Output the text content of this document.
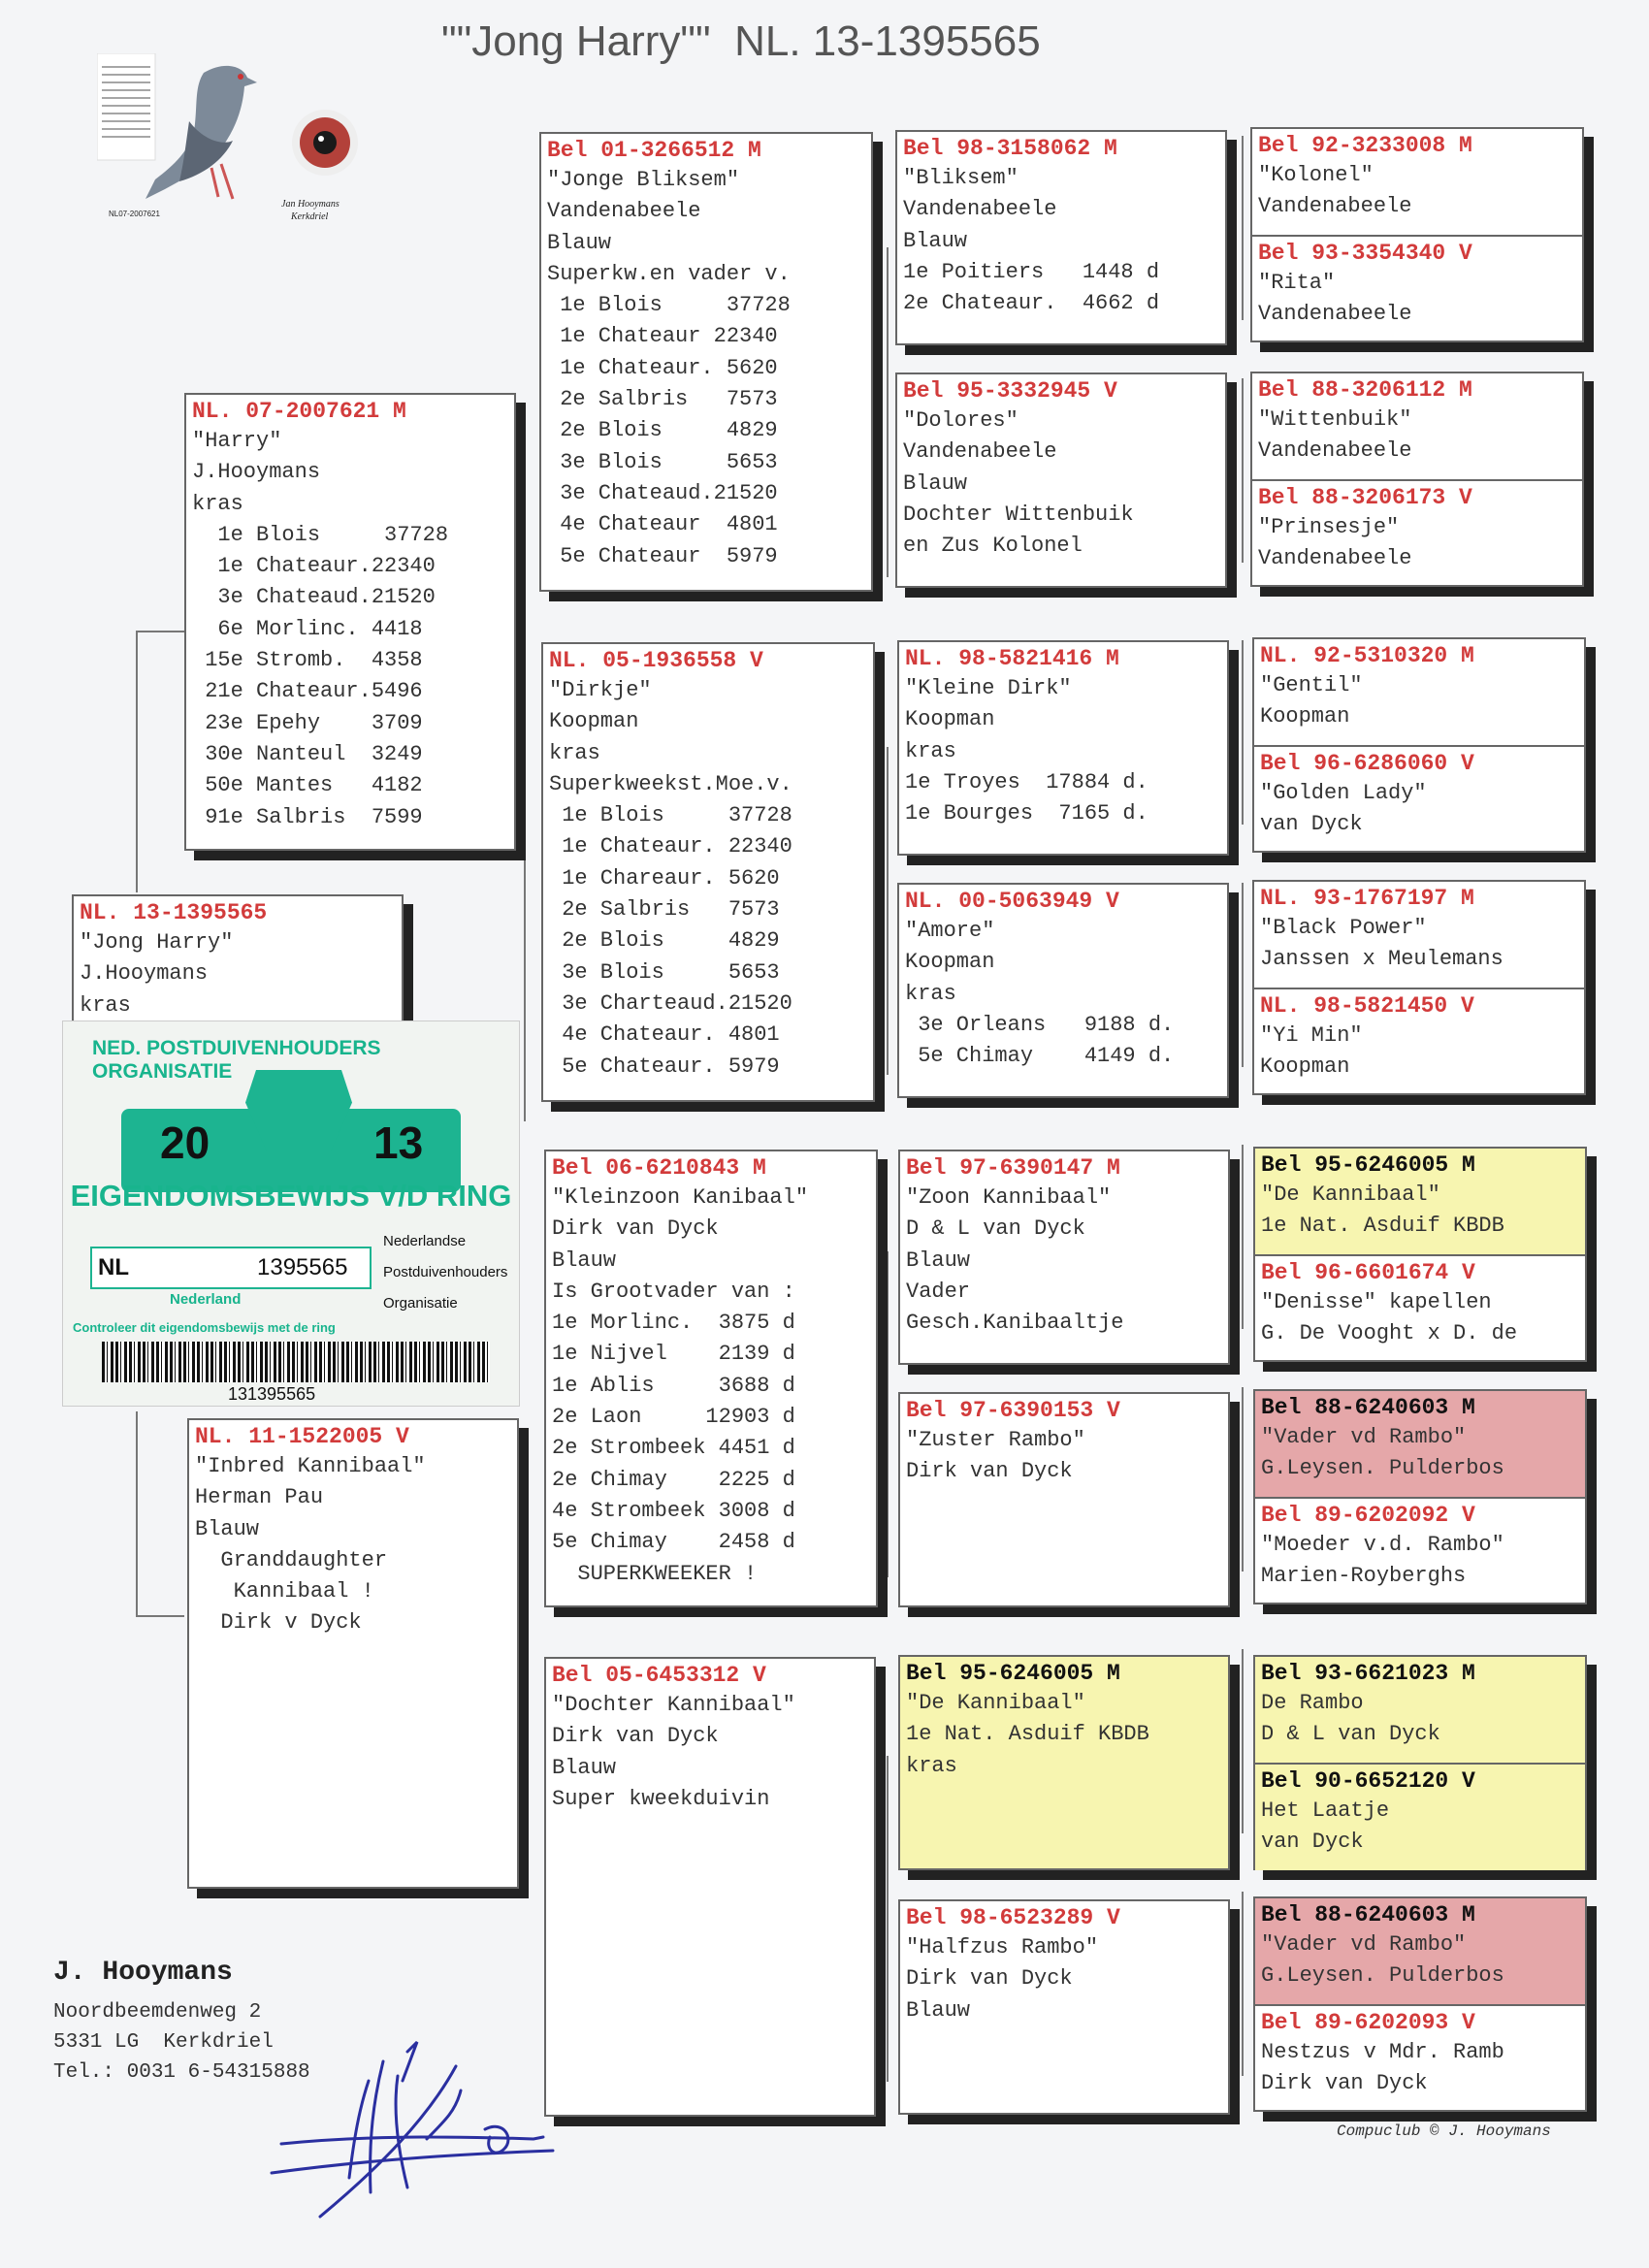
""Jong Harry""  NL. 13-1395565
Jan Hooymans
Kerkdriel
NL07-2007621
NL. 13-1395565
"Jong Harry"
J.Hooymans
kras
NL. 07-2007621 M
"Harry"
J.Hooymans
kras
1e Blois     37728
1e Chateaur.22340
3e Chateaud.21520
6e Morlinc. 4418
15e Stromb.  4358
21e Chateaur.5496
23e Epehy    3709
30e Nanteul  3249
50e Mantes   4182
91e Salbris  7599
NL. 11-1522005 V
"Inbred Kannibaal"
Herman Pau
Blauw
Granddaughter
Kannibaal !
Dirk v Dyck
Bel 01-3266512 M
"Jonge Bliksem"
Vandenabeele
Blauw
Superkw.en vader v.
1e Blois     37728
1e Chateaur 22340
1e Chateaur. 5620
2e Salbris   7573
2e Blois     4829
3e Blois     5653
3e Chateaud.21520
4e Chateaur  4801
5e Chateaur  5979
NL. 05-1936558 V
"Dirkje"
Koopman
kras
Superkweekst.Moe.v.
1e Blois     37728
1e Chateaur. 22340
1e Chareaur. 5620
2e Salbris   7573
2e Blois     4829
3e Blois     5653
3e Charteaud.21520
4e Chateaur. 4801
5e Chateaur. 5979
Bel 06-6210843 M
"Kleinzoon Kanibaal"
Dirk van Dyck
Blauw
Is Grootvader van :
1e Morlinc.  3875 d
1e Nijvel    2139 d
1e Ablis     3688 d
2e Laon     12903 d
2e Strombeek 4451 d
2e Chimay    2225 d
4e Strombeek 3008 d
5e Chimay    2458 d
SUPERKWEEKER !
Bel 05-6453312 V
"Dochter Kannibaal"
Dirk van Dyck
Blauw
Super kweekduivin
Bel 98-3158062 M
"Bliksem"
Vandenabeele
Blauw
1e Poitiers   1448 d
2e Chateaur.  4662 d
Bel 95-3332945 V
"Dolores"
Vandenabeele
Blauw
Dochter Wittenbuik
en Zus Kolonel
NL. 98-5821416 M
"Kleine Dirk"
Koopman
kras
1e Troyes  17884 d.
1e Bourges  7165 d.
NL. 00-5063949 V
"Amore"
Koopman
kras
3e Orleans   9188 d.
5e Chimay    4149 d.
Bel 97-6390147 M
"Zoon Kannibaal"
D & L van Dyck
Blauw
Vader
Gesch.Kanibaaltje
Bel 97-6390153 V
"Zuster Rambo"
Dirk van Dyck
Bel 95-6246005 M
"De Kannibaal"
1e Nat. Asduif KBDB
kras
Bel 98-6523289 V
"Halfzus Rambo"
Dirk van Dyck
Blauw
Bel 92-3233008 M
"Kolonel"
Vandenabeele
Bel 93-3354340 V
"Rita"
Vandenabeele
Bel 88-3206112 M
"Wittenbuik"
Vandenabeele
Bel 88-3206173 V
"Prinsesje"
Vandenabeele
NL. 92-5310320 M
"Gentil"
Koopman
Bel 96-6286060 V
"Golden Lady"
van Dyck
NL. 93-1767197 M
"Black Power"
Janssen x Meulemans
NL. 98-5821450 V
"Yi Min"
Koopman
Bel 95-6246005 M
"De Kannibaal"
1e Nat. Asduif KBDB
Bel 96-6601674 V
"Denisse" kapellen
G. De Vooght x D. de
Bel 88-6240603 M
"Vader vd Rambo"
G.Leysen. Pulderbos
Bel 89-6202092 V
"Moeder v.d. Rambo"
Marien-Royberghs
Bel 93-6621023 M
De Rambo
D & L van Dyck
Bel 90-6652120 V
Het Laatje
van Dyck
Bel 88-6240603 M
"Vader vd Rambo"
G.Leysen. Pulderbos
Bel 89-6202093 V
Nestzus v Mdr. Ramb
Dirk van Dyck
NED. POSTDUIVENHOUDERS ORGANISATIE
20	13
EIGENDOMSBEWIJS V/D RING
NL	1395565
Nederlandse
Postduivenhouders
Organisatie
Nederland
Controleer dit eigendomsbewijs met de ring
131395565
J. Hooymans
Noordbeemdenweg 2
5331 LG  Kerkdriel
Tel.: 0031 6-54315888
Compuclub © J. Hooymans
